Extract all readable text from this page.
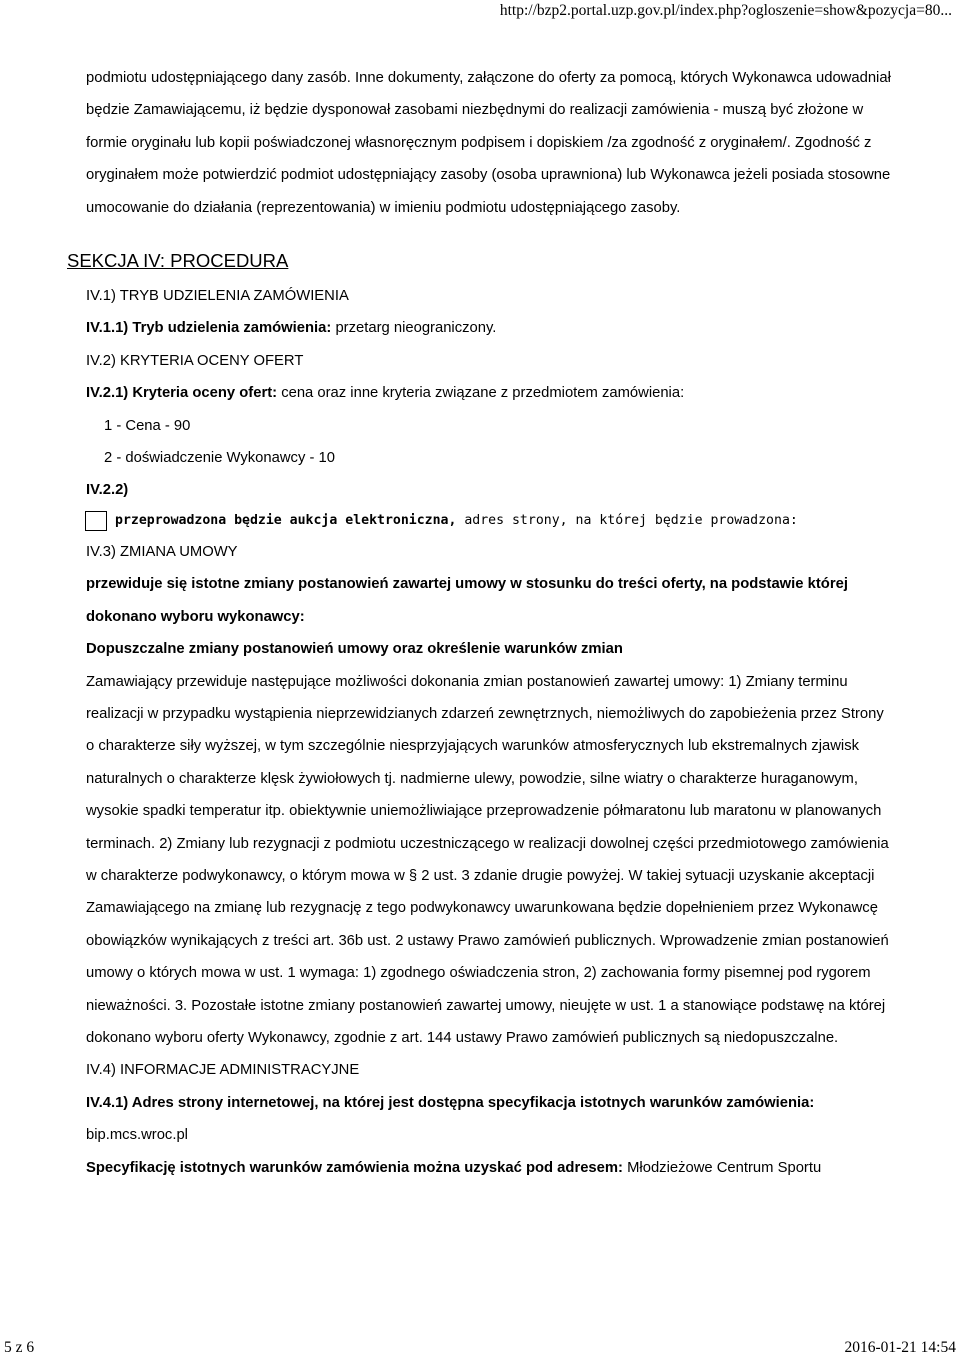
http://bzp2.portal.uzp.gov.pl/index.php?ogloszenie=show&pozycja=80...

podmiotu udostępniającego dany zasób. Inne dokumenty, załączone do oferty za pomocą, których Wykonawca udowadniał będzie Zamawiającemu, iż będzie dysponował zasobami niezbędnymi do realizacji zamówienia - muszą być złożone w formie oryginału lub kopii poświadczonej własnoręcznym podpisem i dopiskiem /za zgodność z oryginałem/. Zgodność z oryginałem może potwierdzić podmiot udostępniający zasoby (osoba uprawniona) lub Wykonawca jeżeli posiada stosowne umocowanie do działania (reprezentowania) w imieniu podmiotu udostępniającego zasoby.

SEKCJA IV: PROCEDURA

IV.1) TRYB UDZIELENIA ZAMÓWIENIA

IV.1.1) Tryb udzielenia zamówienia: przetarg nieograniczony.

IV.2) KRYTERIA OCENY OFERT

IV.2.1) Kryteria oceny ofert: cena oraz inne kryteria związane z przedmiotem zamówienia:

1 - Cena - 90

2 - doświadczenie Wykonawcy - 10

IV.2.2)

przeprowadzona będzie aukcja elektroniczna, adres strony, na której będzie prowadzona:

IV.3) ZMIANA UMOWY

przewiduje się istotne zmiany postanowień zawartej umowy w stosunku do treści oferty, na podstawie której dokonano wyboru wykonawcy:

Dopuszczalne zmiany postanowień umowy oraz określenie warunków zmian

Zamawiający przewiduje następujące możliwości dokonania zmian postanowień zawartej umowy: 1) Zmiany terminu realizacji w przypadku wystąpienia nieprzewidzianych zdarzeń zewnętrznych, niemożliwych do zapobieżenia przez Strony o charakterze siły wyższej, w tym szczególnie niesprzyjających warunków atmosferycznych lub ekstremalnych zjawisk naturalnych o charakterze klęsk żywiołowych tj. nadmierne ulewy, powodzie, silne wiatry o charakterze huraganowym, wysokie spadki temperatur itp. obiektywnie uniemożliwiające przeprowadzenie półmaratonu lub maratonu w planowanych terminach. 2) Zmiany lub rezygnacji z podmiotu uczestniczącego w realizacji dowolnej części przedmiotowego zamówienia w charakterze podwykonawcy, o którym mowa w § 2 ust. 3 zdanie drugie powyżej. W takiej sytuacji uzyskanie akceptacji Zamawiającego na zmianę lub rezygnację z tego podwykonawcy uwarunkowana będzie dopełnieniem przez Wykonawcę obowiązków wynikających z treści art. 36b ust. 2 ustawy Prawo zamówień publicznych. Wprowadzenie zmian postanowień umowy o których mowa w ust. 1 wymaga: 1) zgodnego oświadczenia stron, 2) zachowania formy pisemnej pod rygorem nieważności. 3. Pozostałe istotne zmiany postanowień zawartej umowy, nieujęte w ust. 1 a stanowiące podstawę na której dokonano wyboru oferty Wykonawcy, zgodnie z art. 144 ustawy Prawo zamówień publicznych są niedopuszczalne.

IV.4) INFORMACJE ADMINISTRACYJNE

IV.4.1) Adres strony internetowej, na której jest dostępna specyfikacja istotnych warunków zamówienia:

bip.mcs.wroc.pl

Specyfikację istotnych warunków zamówienia można uzyskać pod adresem: Młodzieżowe Centrum Sportu

5 z 6	2016-01-21 14:54
